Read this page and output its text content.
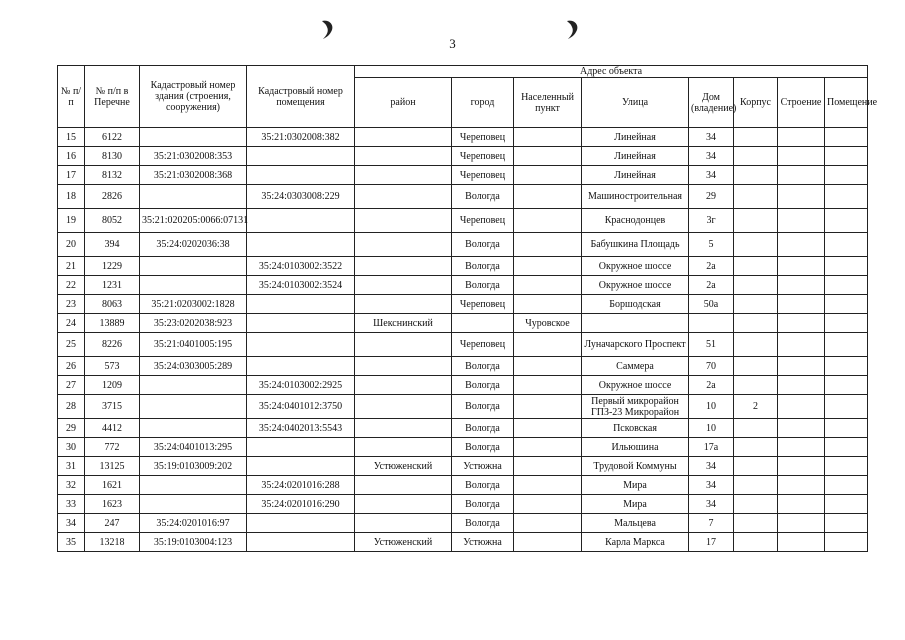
3
№ п/п	№ п/п в Перечне	Кадастровый номер здания (строения, сооружения)	Кадастровый номер помещения	Адрес объекта							
				район	город	Населенный пункт	Улица	Дом (владение)	Корпус	Строение	Помещение
15	6122		35:21:0302008:382		Череповец		Линейная	34			
16	8130	35:21:0302008:353			Череповец		Линейная	34			
17	8132	35:21:0302008:368			Череповец		Линейная	34			
18	2826		35:24:0303008:229		Вологда		Машиностроительная	29			
19	8052	35:21:020205:0066:07131			Череповец		Краснодонцев	3г			
20	394	35:24:0202036:38			Вологда		Бабушкина Площадь	5			
21	1229		35:24:0103002:3522		Вологда		Окружное шоссе	2а			
22	1231		35:24:0103002:3524		Вологда		Окружное шоссе	2а			
23	8063	35:21:0203002:1828			Череповец		Боршодская	50а			
24	13889	35:23:0202038:923		Шекснинский		Чуровское					
25	8226	35:21:0401005:195			Череповец		Луначарского Проспект	51			
26	573	35:24:0303005:289			Вологда		Саммера	70			
27	1209		35:24:0103002:2925		Вологда		Окружное шоссе	2а			
28	3715		35:24:0401012:3750		Вологда		Первый микрорайон ГПЗ-23 Микрорайон	10	2		
29	4412		35:24:0402013:5543		Вологда		Псковская	10			
30	772	35:24:0401013:295			Вологда		Ильюшина	17а			
31	13125	35:19:0103009:202		Устюженский	Устюжна		Трудовой Коммуны	34			
32	1621		35:24:0201016:288		Вологда		Мира	34			
33	1623		35:24:0201016:290		Вологда		Мира	34			
34	247	35:24:0201016:97			Вологда		Мальцева	7			
35	13218	35:19:0103004:123		Устюженский	Устюжна		Карла Маркса	17			
